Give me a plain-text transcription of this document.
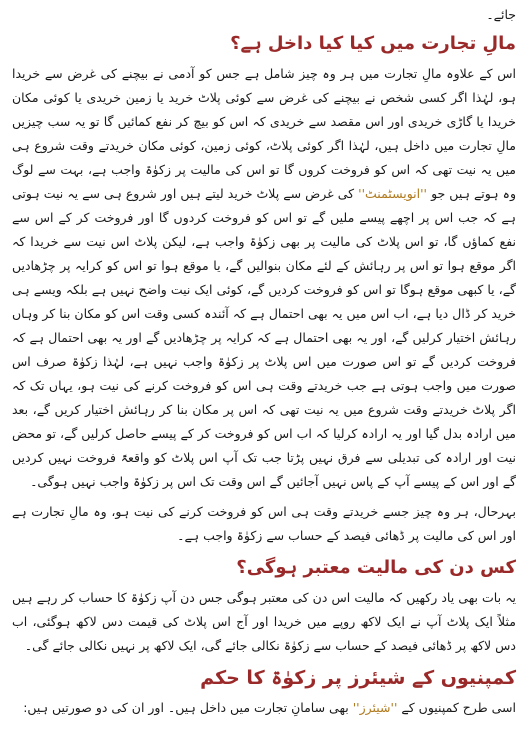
جائے۔
مالِ تجارت میں کیا کیا داخل ہے؟

اس کے علاوہ مالِ تجارت میں ہر وہ چیز شامل ہے جس کو آدمی نے بیچنے کی غرض سے خریدا ہو، لہٰذا اگر کسی شخص نے بیچنے کی غرض سے کوئی پلاٹ خرید یا زمین خریدی یا کوئی مکان خریدا یا گاڑی خریدی اور اس مقصد سے خریدی کہ اس کو بیچ کر نفع کمائیں گا تو یہ سب چیزیں مالِ تجارت میں داخل ہیں، لہٰذا اگر کوئی پلاٹ، کوئی زمین، کوئی مکان خریدتے وقت شروع ہی میں یہ نیت تھی کہ اس کو فروخت کروں گا تو اس کی مالیت پر زکوٰۃ واجب ہے، بہت سے لوگ وہ ہوتے ہیں جو ''انویسٹمنٹ'' کی غرض سے پلاٹ خرید لیتے ہیں اور شروع ہی سے یہ نیت ہوتی ہے کہ جب اس پر اچھے پیسے ملیں گے تو اس کو فروخت کردوں گا اور فروخت کر کے اس سے نفع کماؤں گا، تو اس پلاٹ کی مالیت پر بھی زکوٰۃ واجب ہے، لیکن پلاٹ اس نیت سے خریدا کہ اگر موقع ہوا تو اس پر رہائش کے لئے مکان بنوالیں گے، یا موقع ہوا تو اس کو کرایہ پر چڑھادیں گے، یا کبھی موقع ہوگا تو اس کو فروخت کردیں گے، کوئی ایک نیت واضح نہیں ہے بلکہ ویسے ہی خرید کر ڈال دیا ہے، اب اس میں یہ بھی احتمال ہے کہ آئندہ کسی وقت اس کو مکان بنا کر وہاں رہائش اختیار کرلیں گے، اور یہ بھی احتمال ہے کہ کرایہ پر چڑھادیں گے اور یہ بھی احتمال ہے کہ فروخت کردیں گے تو اس صورت میں اس پلاٹ پر زکوٰۃ واجب نہیں ہے، لہٰذا زکوٰۃ صرف اس صورت میں واجب ہوتی ہے جب خریدتے وقت ہی اس کو فروخت کرنے کی نیت ہو، یہاں تک کہ اگر پلاٹ خریدتے وقت شروع میں یہ نیت تھی کہ اس پر مکان بنا کر رہائش اختیار کریں گے، بعد میں ارادہ بدل گیا اور یہ ارادہ کرلیا کہ اب اس کو فروخت کر کے پیسے حاصل کرلیں گے، تو محض نیت اور ارادہ کی تبدیلی سے فرق نہیں پڑتا جب تک آپ اس پلاٹ کو واقعۃً فروخت نہیں کردیں گے اور اس کے پیسے آپ کے پاس نہیں آجائیں گے اس وقت تک اس پر زکوٰۃ واجب نہیں ہوگی۔

بہرحال، ہر وہ چیز جسے خریدتے وقت ہی اس کو فروخت کرنے کی نیت ہو، وہ مالِ تجارت ہے اور اس کی مالیت پر ڈھائی فیصد کے حساب سے زکوٰۃ واجب ہے۔

کس دن کی مالیت معتبر ہوگی؟

یہ بات بھی یاد رکھیں کہ مالیت اس دن کی معتبر ہوگی جس دن آپ زکوٰۃ کا حساب کر رہے ہیں مثلاً ایک پلاٹ آپ نے ایک لاکھ روپے میں خریدا اور آج اس پلاٹ کی قیمت دس لاکھ ہوگئی، اب دس لاکھ پر ڈھائی فیصد کے حساب سے زکوٰۃ نکالی جائے گی، ایک لاکھ پر نہیں نکالی جائے گی۔

کمپنیوں کے شیئرز پر زکوٰۃ کا حکم

اسی طرح کمپنیوں کے ''شیئرز'' بھی سامانِ تجارت میں داخل ہیں۔ اور ان کی دو صورتیں ہیں:
